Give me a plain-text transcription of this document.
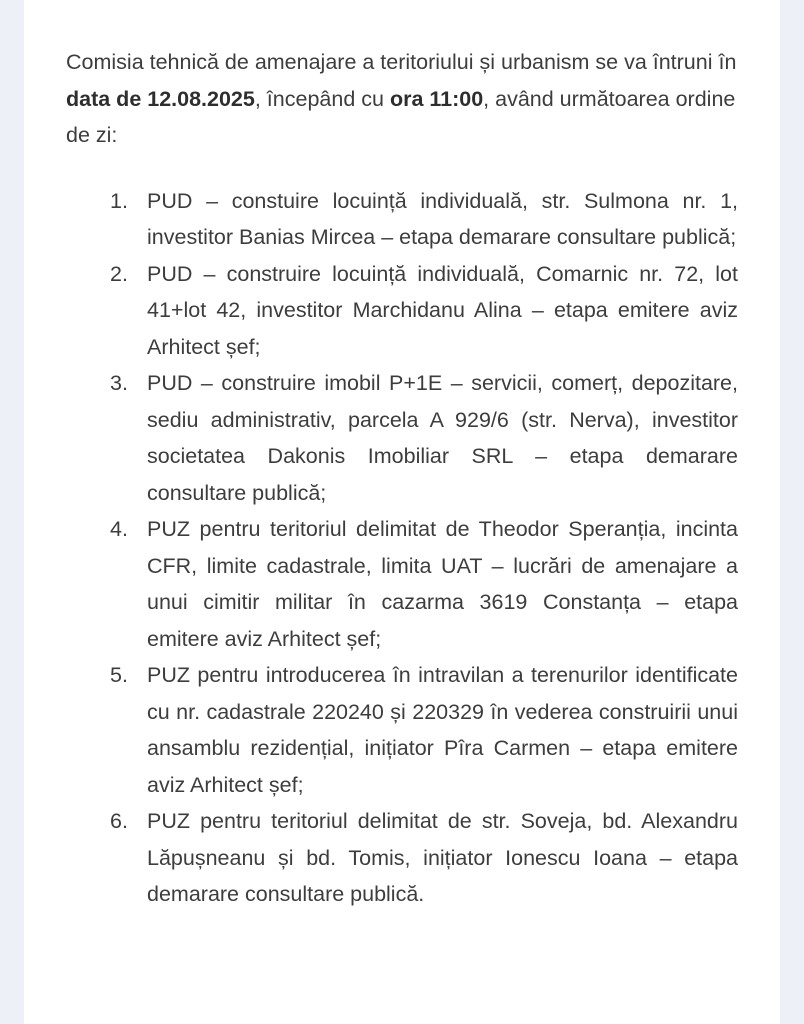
Comisia tehnică de amenajare a teritoriului și urbanism se va întruni în data de 12.08.2025, începând cu ora 11:00, având următoarea ordine de zi:

1. PUD – constuire locuință individuală, str. Sulmona nr. 1, investitor Banias Mircea – etapa demarare consultare publică;
2. PUD – construire locuință individuală, Comarnic nr. 72, lot 41+lot 42, investitor Marchidanu Alina – etapa emitere aviz Arhitect șef;
3. PUD – construire imobil P+1E – servicii, comerț, depozitare, sediu administrativ, parcela A 929/6 (str. Nerva), investitor societatea Dakonis Imobiliar SRL – etapa demarare consultare publică;
4. PUZ pentru teritoriul delimitat de Theodor Speranția, incinta CFR, limite cadastrale, limita UAT – lucrări de amenajare a unui cimitir militar în cazarma 3619 Constanța – etapa emitere aviz Arhitect șef;
5. PUZ pentru introducerea în intravilan a terenurilor identificate cu nr. cadastrale 220240 și 220329 în vederea construirii unui ansamblu rezidențial, inițiator Pîra Carmen – etapa emitere aviz Arhitect șef;
6. PUZ pentru teritoriul delimitat de str. Soveja, bd. Alexandru Lăpușneanu și bd. Tomis, inițiator Ionescu Ioana – etapa demarare consultare publică.
